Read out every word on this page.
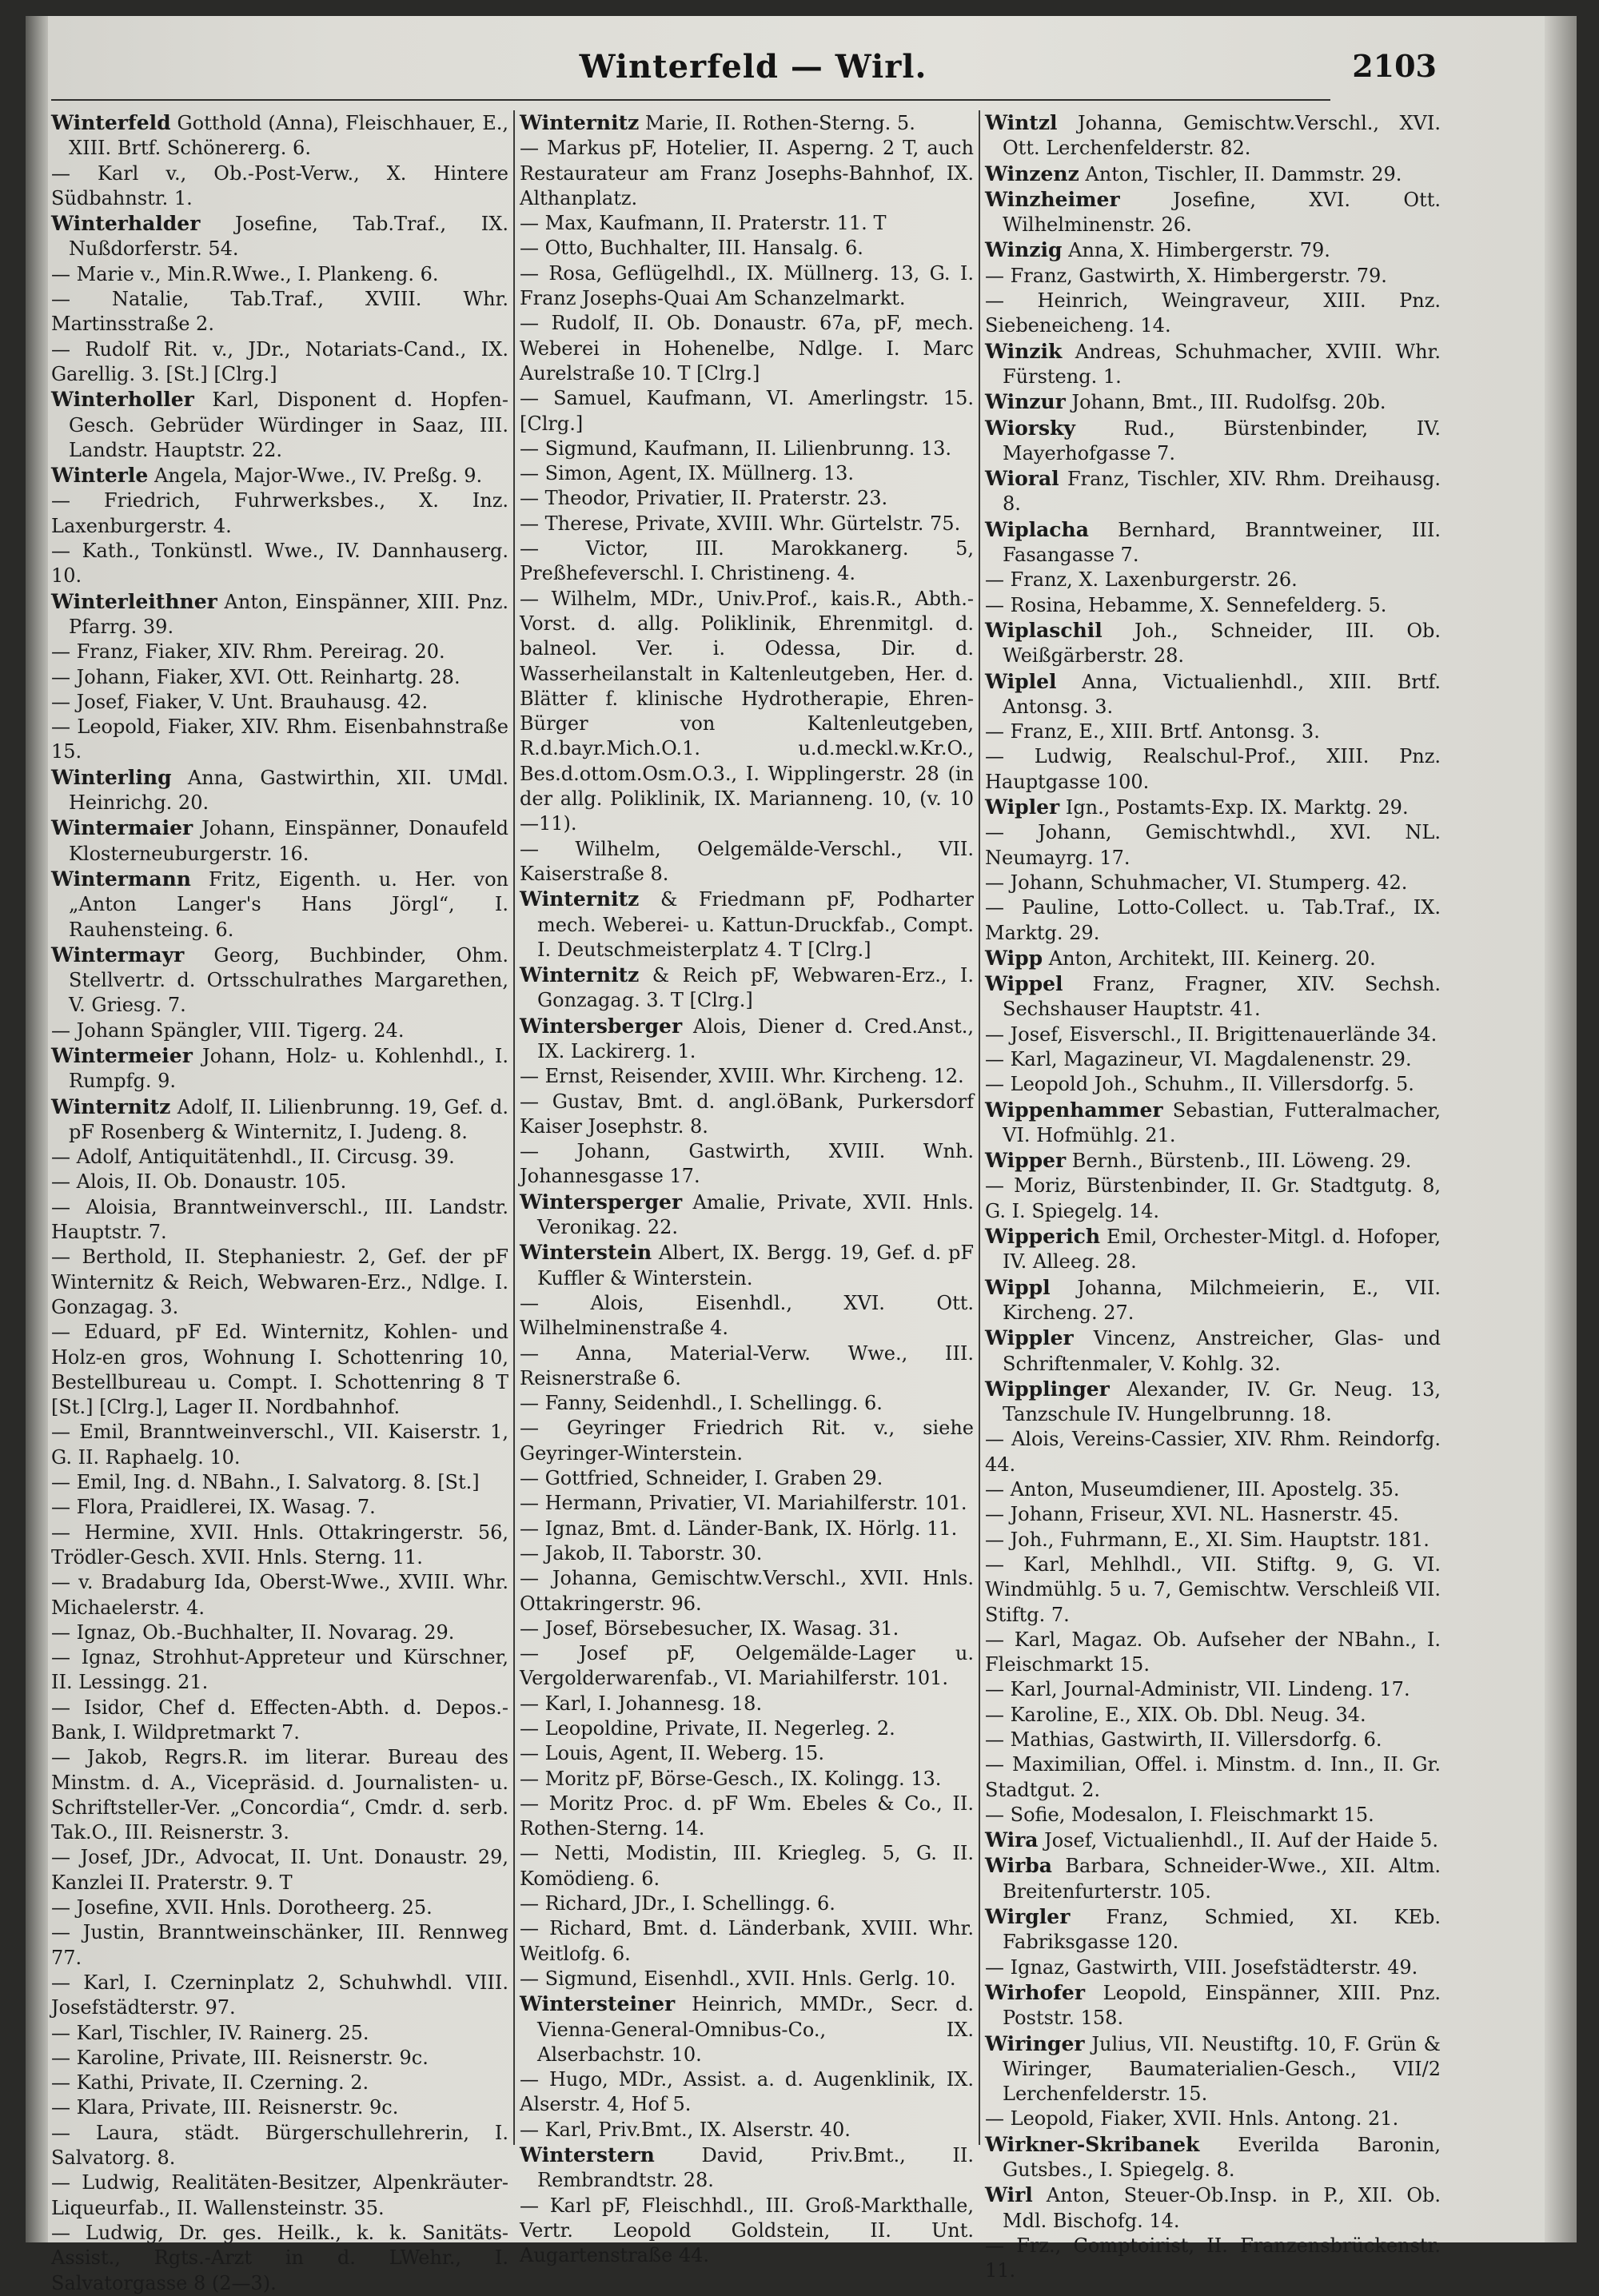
Winterfeld — Wirl.	2103

Winterfeld Gotthold (Anna), Fleischhauer, E., XIII. Brtf. Schönererg. 6.

— Karl v., Ob.-Post-Verw., X. Hintere Südbahnstr. 1.

Winterhalder Josefine, Tab.Traf., IX. Nußdorferstr. 54.

— Marie v., Min.R.Wwe., I. Plankeng. 6.

— Natalie, Tab.Traf., XVIII. Whr. Martinsstraße 2.

— Rudolf Rit. v., JDr., Notariats-Cand., IX. Garellig. 3. [St.] [Clrg.]

Winterholler Karl, Disponent d. Hopfen-Gesch. Gebrüder Würdinger in Saaz, III. Landstr. Hauptstr. 22.

Winterle Angela, Major-Wwe., IV. Preßg. 9.

— Friedrich, Fuhrwerksbes., X. Inz. Laxenburgerstr. 4.

— Kath., Tonkünstl. Wwe., IV. Dannhauserg. 10.

Winterleithner Anton, Einspänner, XIII. Pnz. Pfarrg. 39.

— Franz, Fiaker, XIV. Rhm. Pereirag. 20.

— Johann, Fiaker, XVI. Ott. Reinhartg. 28.

— Josef, Fiaker, V. Unt. Brauhausg. 42.

— Leopold, Fiaker, XIV. Rhm. Eisenbahnstraße 15.

Winterling Anna, Gastwirthin, XII. UMdl. Heinrichg. 20.

Wintermaier Johann, Einspänner, Donaufeld Klosterneuburgerstr. 16.

Wintermann Fritz, Eigenth. u. Her. von „Anton Langer's Hans Jörgl“, I. Rauhensteing. 6.

Wintermayr Georg, Buchbinder, Ohm. Stellvertr. d. Ortsschulrathes Margarethen, V. Griesg. 7.

— Johann Spängler, VIII. Tigerg. 24.

Wintermeier Johann, Holz- u. Kohlenhdl., I. Rumpfg. 9.

Winternitz Adolf, II. Lilienbrunng. 19, Gef. d. pF Rosenberg & Winternitz, I. Judeng. 8.

— Adolf, Antiquitätenhdl., II. Circusg. 39.

— Alois, II. Ob. Donaustr. 105.

— Aloisia, Branntweinverschl., III. Landstr. Hauptstr. 7.

— Berthold, II. Stephaniestr. 2, Gef. der pF Winternitz & Reich, Webwaren-Erz., Ndlge. I. Gonzagag. 3.

— Eduard, pF Ed. Winternitz, Kohlen- und Holz-en gros, Wohnung I. Schottenring 10, Bestellbureau u. Compt. I. Schottenring 8 T [St.] [Clrg.], Lager II. Nordbahnhof.

— Emil, Branntweinverschl., VII. Kaiserstr. 1, G. II. Raphaelg. 10.

— Emil, Ing. d. NBahn., I. Salvatorg. 8. [St.]

— Flora, Praidlerei, IX. Wasag. 7.

— Hermine, XVII. Hnls. Ottakringerstr. 56, Trödler-Gesch. XVII. Hnls. Sterng. 11.

— v. Bradaburg Ida, Oberst-Wwe., XVIII. Whr. Michaelerstr. 4.

— Ignaz, Ob.-Buchhalter, II. Novarag. 29.

— Ignaz, Strohhut-Appreteur und Kürschner, II. Lessingg. 21.

— Isidor, Chef d. Effecten-Abth. d. Depos.-Bank, I. Wildpretmarkt 7.

— Jakob, Regrs.R. im literar. Bureau des Minstm. d. A., Vicepräsid. d. Journalisten- u. Schriftsteller-Ver. „Concordia“, Cmdr. d. serb. Tak.O., III. Reisnerstr. 3.

— Josef, JDr., Advocat, II. Unt. Donaustr. 29, Kanzlei II. Praterstr. 9. T

— Josefine, XVII. Hnls. Dorotheerg. 25.

— Justin, Branntweinschänker, III. Rennweg 77.

— Karl, I. Czerninplatz 2, Schuhwhdl. VIII. Josefstädterstr. 97.

— Karl, Tischler, IV. Rainerg. 25.

— Karoline, Private, III. Reisnerstr. 9c.

— Kathi, Private, II. Czerning. 2.

— Klara, Private, III. Reisnerstr. 9c.

— Laura, städt. Bürgerschullehrerin, I. Salvatorg. 8.

— Ludwig, Realitäten-Besitzer, Alpenkräuter-Liqueurfab., II. Wallensteinstr. 35.

— Ludwig, Dr. ges. Heilk., k. k. Sanitäts-Assist., Rgts.-Arzt in d. LWehr., I. Salvatorgasse 8 (2—3).

Winternitz Marie, II. Rothen-Sterng. 5.

— Markus pF, Hotelier, II. Asperng. 2 T, auch Restaurateur am Franz Josephs-Bahnhof, IX. Althanplatz.

— Max, Kaufmann, II. Praterstr. 11. T

— Otto, Buchhalter, III. Hansalg. 6.

— Rosa, Geflügelhdl., IX. Müllnerg. 13, G. I. Franz Josephs-Quai Am Schanzelmarkt.

— Rudolf, II. Ob. Donaustr. 67a, pF, mech. Weberei in Hohenelbe, Ndlge. I. Marc Aurelstraße 10. T [Clrg.]

— Samuel, Kaufmann, VI. Amerlingstr. 15. [Clrg.]

— Sigmund, Kaufmann, II. Lilienbrunng. 13.

— Simon, Agent, IX. Müllnerg. 13.

— Theodor, Privatier, II. Praterstr. 23.

— Therese, Private, XVIII. Whr. Gürtelstr. 75.

— Victor, III. Marokkanerg. 5, Preßhefeverschl. I. Christineng. 4.

— Wilhelm, MDr., Univ.Prof., kais.R., Abth.-Vorst. d. allg. Poliklinik, Ehrenmitgl. d. balneol. Ver. i. Odessa, Dir. d. Wasserheilanstalt in Kaltenleutgeben, Her. d. Blätter f. klinische Hydrotherapie, Ehren-Bürger von Kaltenleutgeben, R.d.bayr.Mich.O.1. u.d.meckl.w.Kr.O., Bes.d.ottom.Osm.O.3., I. Wipplingerstr. 28 (in der allg. Poliklinik, IX. Marianneng. 10, (v. 10—11).

— Wilhelm, Oelgemälde-Verschl., VII. Kaiserstraße 8.

Winternitz & Friedmann pF, Podharter mech. Weberei- u. Kattun-Druckfab., Compt. I. Deutschmeisterplatz 4. T [Clrg.]

Winternitz & Reich pF, Webwaren-Erz., I. Gonzagag. 3. T [Clrg.]

Wintersberger Alois, Diener d. Cred.Anst., IX. Lackirerg. 1.

— Ernst, Reisender, XVIII. Whr. Kircheng. 12.

— Gustav, Bmt. d. angl.öBank, Purkersdorf Kaiser Josephstr. 8.

— Johann, Gastwirth, XVIII. Wnh. Johannesgasse 17.

Wintersperger Amalie, Private, XVII. Hnls. Veronikag. 22.

Winterstein Albert, IX. Bergg. 19, Gef. d. pF Kuffler & Winterstein.

— Alois, Eisenhdl., XVI. Ott. Wilhelminenstraße 4.

— Anna, Material-Verw. Wwe., III. Reisnerstraße 6.

— Fanny, Seidenhdl., I. Schellingg. 6.

— Geyringer Friedrich Rit. v., siehe Geyringer-Winterstein.

— Gottfried, Schneider, I. Graben 29.

— Hermann, Privatier, VI. Mariahilferstr. 101.

— Ignaz, Bmt. d. Länder-Bank, IX. Hörlg. 11.

— Jakob, II. Taborstr. 30.

— Johanna, Gemischtw.Verschl., XVII. Hnls. Ottakringerstr. 96.

— Josef, Börsebesucher, IX. Wasag. 31.

— Josef pF, Oelgemälde-Lager u. Vergolderwarenfab., VI. Mariahilferstr. 101.

— Karl, I. Johannesg. 18.

— Leopoldine, Private, II. Negerleg. 2.

— Louis, Agent, II. Weberg. 15.

— Moritz pF, Börse-Gesch., IX. Kolingg. 13.

— Moritz Proc. d. pF Wm. Ebeles & Co., II. Rothen-Sterng. 14.

— Netti, Modistin, III. Kriegleg. 5, G. II. Komödieng. 6.

— Richard, JDr., I. Schellingg. 6.

— Richard, Bmt. d. Länderbank, XVIII. Whr. Weitlofg. 6.

— Sigmund, Eisenhdl., XVII. Hnls. Gerlg. 10.

Wintersteiner Heinrich, MMDr., Secr. d. Vienna-General-Omnibus-Co., IX. Alserbachstr. 10.

— Hugo, MDr., Assist. a. d. Augenklinik, IX. Alserstr. 4, Hof 5.

— Karl, Priv.Bmt., IX. Alserstr. 40.

Winterstern David, Priv.Bmt., II. Rembrandtstr. 28.

— Karl pF, Fleischhdl., III. Groß-Markthalle, Vertr. Leopold Goldstein, II. Unt. Augartenstraße 44.

Wintzl Johanna, Gemischtw.Verschl., XVI. Ott. Lerchenfelderstr. 82.

Winzenz Anton, Tischler, II. Dammstr. 29.

Winzheimer Josefine, XVI. Ott. Wilhelminenstr. 26.

Winzig Anna, X. Himbergerstr. 79.

— Franz, Gastwirth, X. Himbergerstr. 79.

— Heinrich, Weingraveur, XIII. Pnz. Siebeneicheng. 14.

Winzik Andreas, Schuhmacher, XVIII. Whr. Fürsteng. 1.

Winzur Johann, Bmt., III. Rudolfsg. 20b.

Wiorsky Rud., Bürstenbinder, IV. Mayerhofgasse 7.

Wioral Franz, Tischler, XIV. Rhm. Dreihausg. 8.

Wiplacha Bernhard, Branntweiner, III. Fasangasse 7.

— Franz, X. Laxenburgerstr. 26.

— Rosina, Hebamme, X. Sennefelderg. 5.

Wiplaschil Joh., Schneider, III. Ob. Weißgärberstr. 28.

Wiplel Anna, Victualienhdl., XIII. Brtf. Antonsg. 3.

— Franz, E., XIII. Brtf. Antonsg. 3.

— Ludwig, Realschul-Prof., XIII. Pnz. Hauptgasse 100.

Wipler Ign., Postamts-Exp. IX. Marktg. 29.

— Johann, Gemischtwhdl., XVI. NL. Neumayrg. 17.

— Johann, Schuhmacher, VI. Stumperg. 42.

— Pauline, Lotto-Collect. u. Tab.Traf., IX. Marktg. 29.

Wipp Anton, Architekt, III. Keinerg. 20.

Wippel Franz, Fragner, XIV. Sechsh. Sechshauser Hauptstr. 41.

— Josef, Eisverschl., II. Brigittenauerlände 34.

— Karl, Magazineur, VI. Magdalenenstr. 29.

— Leopold Joh., Schuhm., II. Villersdorfg. 5.

Wippenhammer Sebastian, Futteralmacher, VI. Hofmühlg. 21.

Wipper Bernh., Bürstenb., III. Löweng. 29.

— Moriz, Bürstenbinder, II. Gr. Stadtgutg. 8, G. I. Spiegelg. 14.

Wipperich Emil, Orchester-Mitgl. d. Hofoper, IV. Alleeg. 28.

Wippl Johanna, Milchmeierin, E., VII. Kircheng. 27.

Wippler Vincenz, Anstreicher, Glas- und Schriftenmaler, V. Kohlg. 32.

Wipplinger Alexander, IV. Gr. Neug. 13, Tanzschule IV. Hungelbrunng. 18.

— Alois, Vereins-Cassier, XIV. Rhm. Reindorfg. 44.

— Anton, Museumdiener, III. Apostelg. 35.

— Johann, Friseur, XVI. NL. Hasnerstr. 45.

— Joh., Fuhrmann, E., XI. Sim. Hauptstr. 181.

— Karl, Mehlhdl., VII. Stiftg. 9, G. VI. Windmühlg. 5 u. 7, Gemischtw. Verschleiß VII. Stiftg. 7.

— Karl, Magaz. Ob. Aufseher der NBahn., I. Fleischmarkt 15.

— Karl, Journal-Administr, VII. Lindeng. 17.

— Karoline, E., XIX. Ob. Dbl. Neug. 34.

— Mathias, Gastwirth, II. Villersdorfg. 6.

— Maximilian, Offel. i. Minstm. d. Inn., II. Gr. Stadtgut. 2.

— Sofie, Modesalon, I. Fleischmarkt 15.

Wira Josef, Victualienhdl., II. Auf der Haide 5.

Wirba Barbara, Schneider-Wwe., XII. Altm. Breitenfurterstr. 105.

Wirgler Franz, Schmied, XI. KEb. Fabriksgasse 120.

— Ignaz, Gastwirth, VIII. Josefstädterstr. 49.

Wirhofer Leopold, Einspänner, XIII. Pnz. Poststr. 158.

Wiringer Julius, VII. Neustiftg. 10, F. Grün & Wiringer, Baumaterialien-Gesch., VII/2 Lerchenfelderstr. 15.

— Leopold, Fiaker, XVII. Hnls. Antong. 21.

Wirkner-Skribanek Everilda Baronin, Gutsbes., I. Spiegelg. 8.

Wirl Anton, Steuer-Ob.Insp. in P., XII. Ob. Mdl. Bischofg. 14.

— Frz., Comptoirist, II. Franzensbrückenstr. 11.
